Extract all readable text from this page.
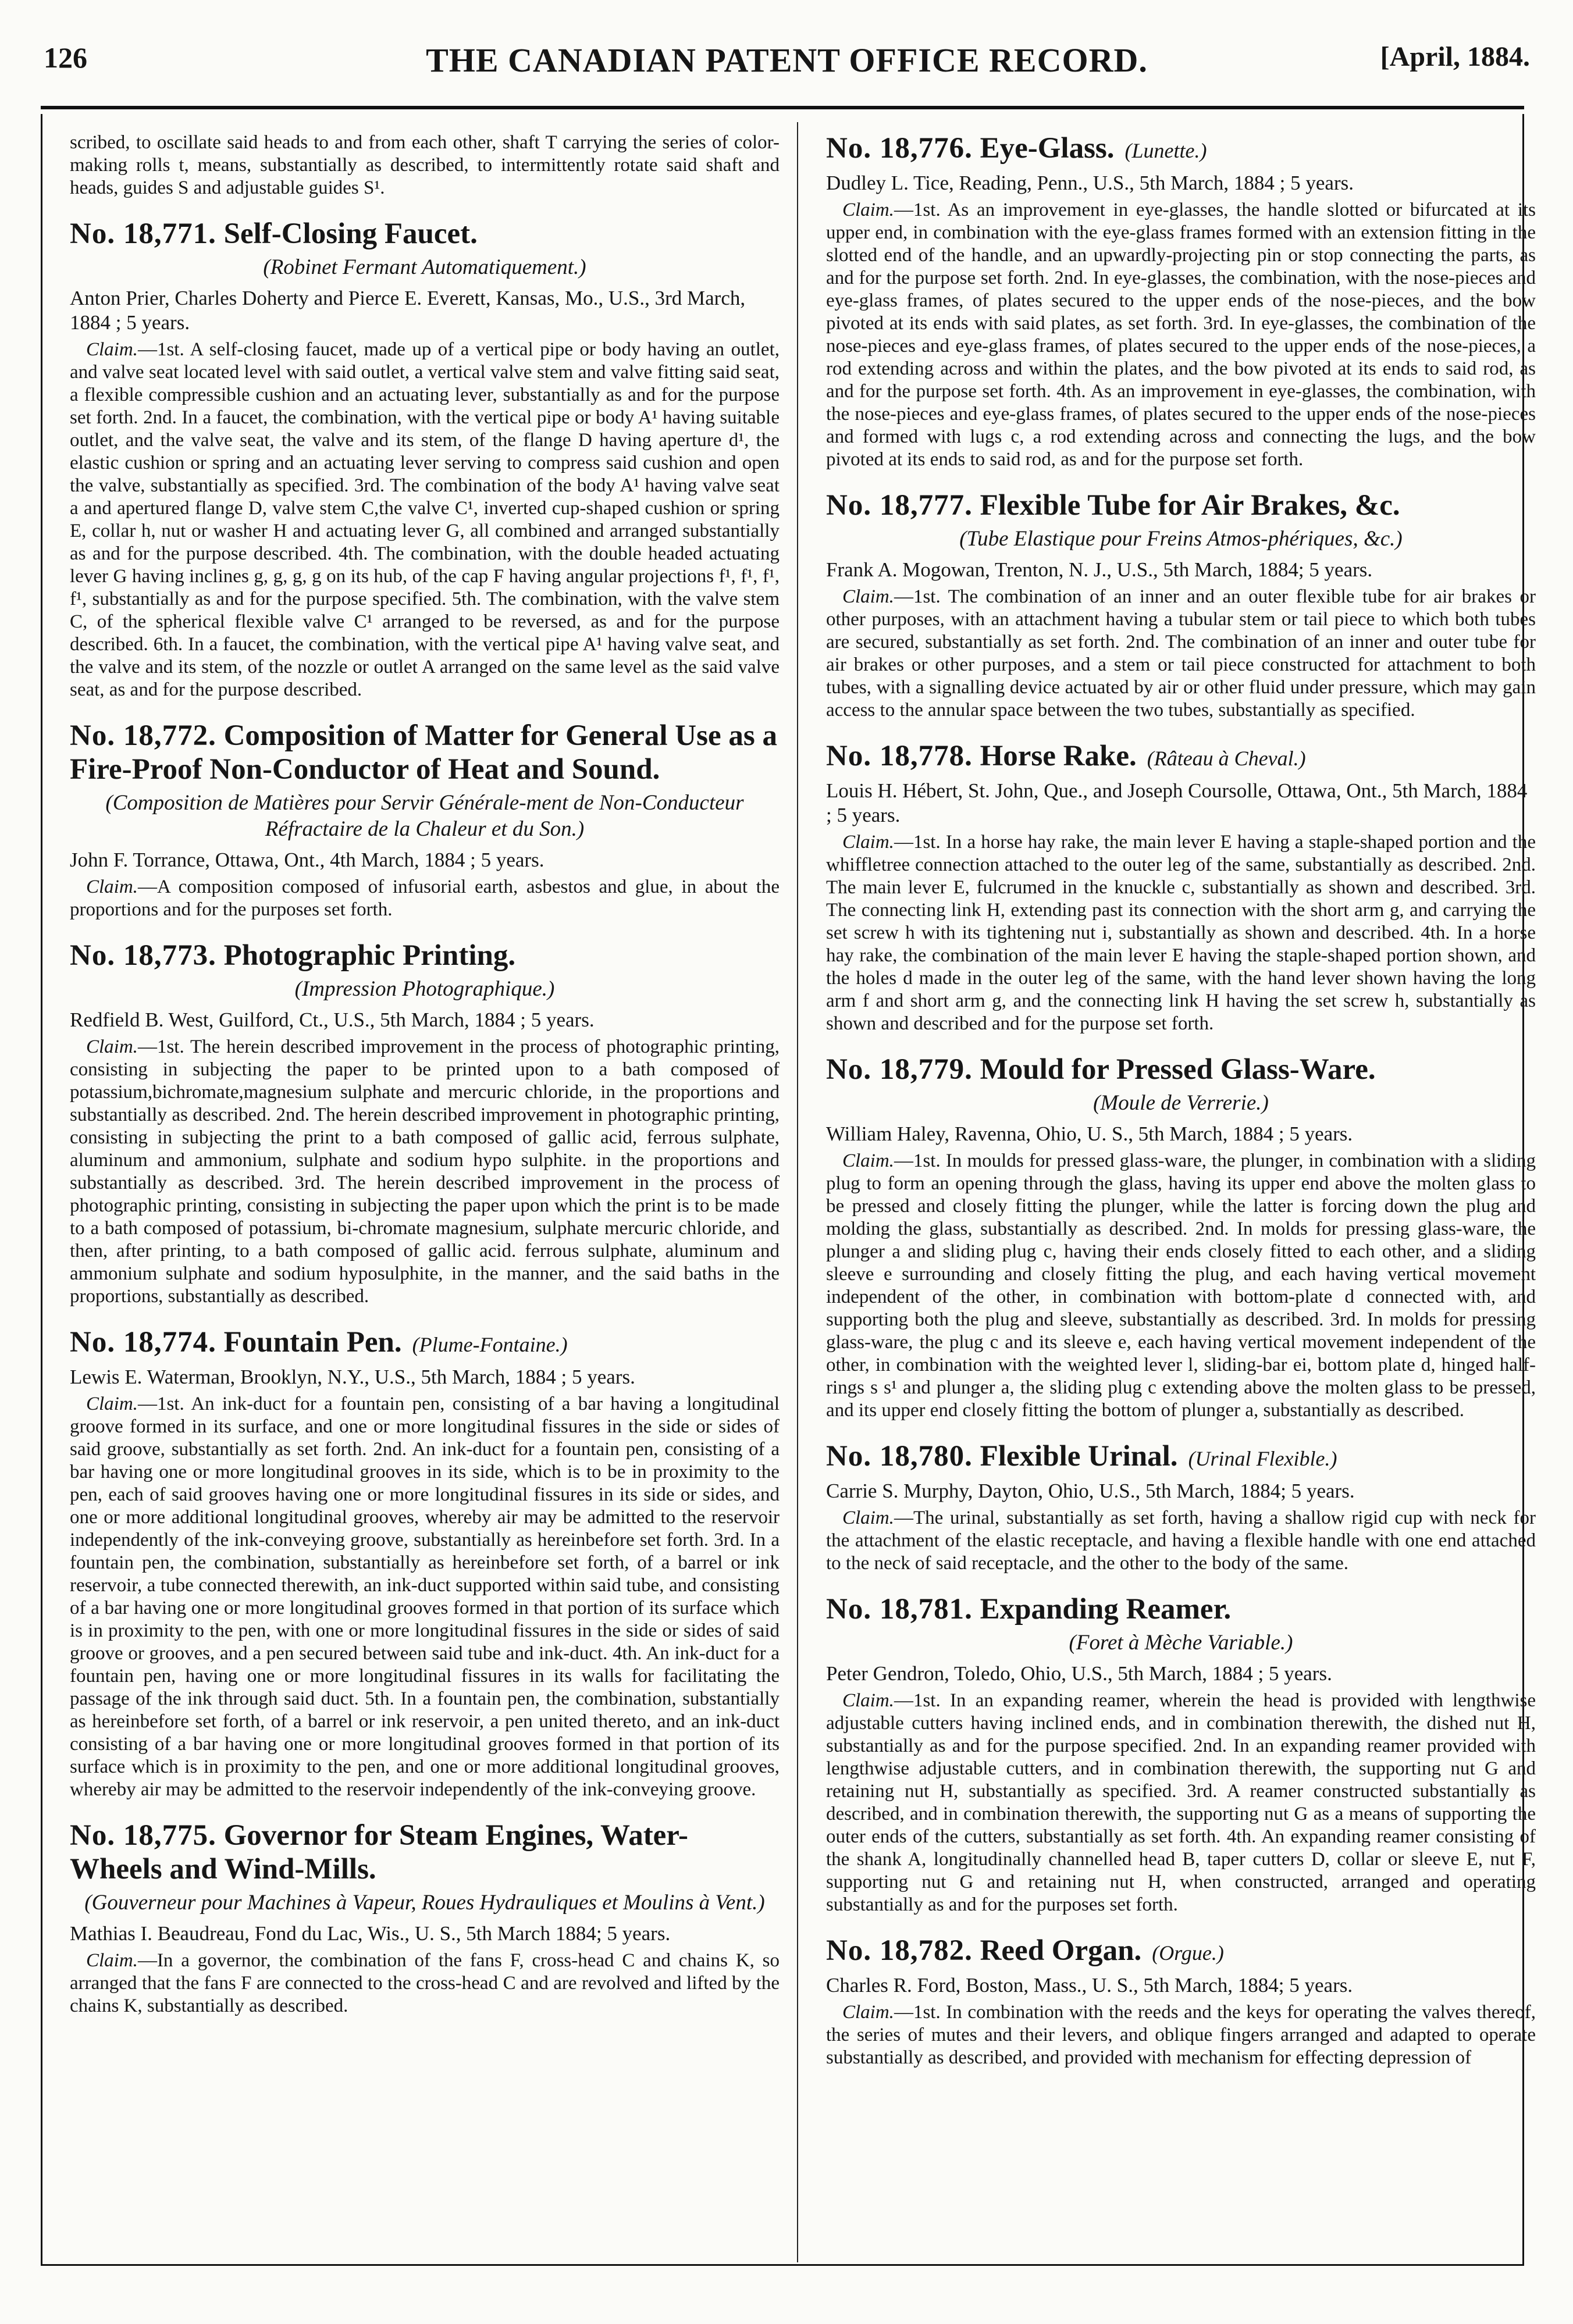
126	THE CANADIAN PATENT OFFICE RECORD.	[April, 1884.
scribed, to oscillate said heads to and from each other, shaft T carrying the series of color-making rolls t, means, substantially as described, to intermittently rotate said shaft and heads, guides S and adjustable guides S¹.
No. 18,771. Self-Closing Faucet.
(Robinet Fermant Automatiquement.)
Anton Prier, Charles Doherty and Pierce E. Everett, Kansas, Mo., U.S., 3rd March, 1884 ; 5 years.
Claim.—1st. A self-closing faucet, made up of a vertical pipe or body having an outlet, and valve seat located level with said outlet, a vertical valve stem and valve fitting said seat, a flexible compressible cushion and an actuating lever, substantially as and for the purpose set forth. 2nd. In a faucet, the combination, with the vertical pipe or body A¹ having suitable outlet, and the valve seat, the valve and its stem, of the flange D having aperture d¹, the elastic cushion or spring and an actuating lever serving to compress said cushion and open the valve, substantially as specified. 3rd. The combination of the body A¹ having valve seat a and apertured flange D, valve stem C,the valve C¹, inverted cup-shaped cushion or spring E, collar h, nut or washer H and actuating lever G, all combined and arranged substantially as and for the purpose described. 4th. The combination, with the double headed actuating lever G having inclines g, g, g, g on its hub, of the cap F having angular projections f¹, f¹, f¹, f¹, substantially as and for the purpose specified. 5th. The combination, with the valve stem C, of the spherical flexible valve C¹ arranged to be reversed, as and for the purpose described. 6th. In a faucet, the combination, with the vertical pipe A¹ having valve seat, and the valve and its stem, of the nozzle or outlet A arranged on the same level as the said valve seat, as and for the purpose described.
No. 18,772. Composition of Matter for General Use as a Fire-Proof Non-Conductor of Heat and Sound.
(Composition de Matières pour Servir Générale-ment de Non-Conducteur Réfractaire de la Chaleur et du Son.)
John F. Torrance, Ottawa, Ont., 4th March, 1884 ; 5 years.
Claim.—A composition composed of infusorial earth, asbestos and glue, in about the proportions and for the purposes set forth.
No. 18,773. Photographic Printing.
(Impression Photographique.)
Redfield B. West, Guilford, Ct., U.S., 5th March, 1884 ; 5 years.
Claim.—1st. The herein described improvement in the process of photographic printing, consisting in subjecting the paper to be printed upon to a bath composed of potassium,bichromate,magnesium sulphate and mercuric chloride, in the proportions and substantially as described. 2nd. The herein described improvement in photographic printing, consisting in subjecting the print to a bath composed of gallic acid, ferrous sulphate, aluminum and ammonium, sulphate and sodium hypo sulphite. in the proportions and substantially as described. 3rd. The herein described improvement in the process of photographic printing, consisting in subjecting the paper upon which the print is to be made to a bath composed of potassium, bi-chromate magnesium, sulphate mercuric chloride, and then, after printing, to a bath composed of gallic acid. ferrous sulphate, aluminum and ammonium sulphate and sodium hyposulphite, in the manner, and the said baths in the proportions, substantially as described.
No. 18,774. Fountain Pen. (Plume-Fontaine.)
Lewis E. Waterman, Brooklyn, N.Y., U.S., 5th March, 1884 ; 5 years.
Claim.—1st. An ink-duct for a fountain pen, consisting of a bar having a longitudinal groove formed in its surface, and one or more longitudinal fissures in the side or sides of said groove, substantially as set forth. 2nd. An ink-duct for a fountain pen, consisting of a bar having one or more longitudinal grooves in its side, which is to be in proximity to the pen, each of said grooves having one or more longitudinal fissures in its side or sides, and one or more additional longitudinal grooves, whereby air may be admitted to the reservoir independently of the ink-conveying groove, substantially as hereinbefore set forth. 3rd. In a fountain pen, the combination, substantially as hereinbefore set forth, of a barrel or ink reservoir, a tube connected therewith, an ink-duct supported within said tube, and consisting of a bar having one or more longitudinal grooves formed in that portion of its surface which is in proximity to the pen, with one or more longitudinal fissures in the side or sides of said groove or grooves, and a pen secured between said tube and ink-duct. 4th. An ink-duct for a fountain pen, having one or more longitudinal fissures in its walls for facilitating the passage of the ink through said duct. 5th. In a fountain pen, the combination, substantially as hereinbefore set forth, of a barrel or ink reservoir, a pen united thereto, and an ink-duct consisting of a bar having one or more longitudinal grooves formed in that portion of its surface which is in proximity to the pen, and one or more additional longitudinal grooves, whereby air may be admitted to the reservoir independently of the ink-conveying groove.
No. 18,775. Governor for Steam Engines, Water-Wheels and Wind-Mills.
(Gouverneur pour Machines à Vapeur, Roues Hydrauliques et Moulins à Vent.)
Mathias I. Beaudreau, Fond du Lac, Wis., U. S., 5th March 1884; 5 years.
Claim.—In a governor, the combination of the fans F, cross-head C and chains K, so arranged that the fans F are connected to the cross-head C and are revolved and lifted by the chains K, substantially as described.
No. 18,776. Eye-Glass. (Lunette.)
Dudley L. Tice, Reading, Penn., U.S., 5th March, 1884 ; 5 years.
Claim.—1st. As an improvement in eye-glasses, the handle slotted or bifurcated at its upper end, in combination with the eye-glass frames formed with an extension fitting in the slotted end of the handle, and an upwardly-projecting pin or stop connecting the parts, as and for the purpose set forth. 2nd. In eye-glasses, the combination, with the nose-pieces and eye-glass frames, of plates secured to the upper ends of the nose-pieces, and the bow pivoted at its ends with said plates, as set forth. 3rd. In eye-glasses, the combination of the nose-pieces and eye-glass frames, of plates secured to the upper ends of the nose-pieces, a rod extending across and within the plates, and the bow pivoted at its ends to said rod, as and for the purpose set forth. 4th. As an improvement in eye-glasses, the combination, with the nose-pieces and eye-glass frames, of plates secured to the upper ends of the nose-pieces and formed with lugs c, a rod extending across and connecting the lugs, and the bow pivoted at its ends to said rod, as and for the purpose set forth.
No. 18,777. Flexible Tube for Air Brakes, &c.
(Tube Elastique pour Freins Atmos-phériques, &c.)
Frank A. Mogowan, Trenton, N. J., U.S., 5th March, 1884; 5 years.
Claim.—1st. The combination of an inner and an outer flexible tube for air brakes or other purposes, with an attachment having a tubular stem or tail piece to which both tubes are secured, substantially as set forth. 2nd. The combination of an inner and outer tube for air brakes or other purposes, and a stem or tail piece constructed for attachment to both tubes, with a signalling device actuated by air or other fluid under pressure, which may gain access to the annular space between the two tubes, substantially as specified.
No. 18,778. Horse Rake. (Râteau à Cheval.)
Louis H. Hébert, St. John, Que., and Joseph Coursolle, Ottawa, Ont., 5th March, 1884 ; 5 years.
Claim.—1st. In a horse hay rake, the main lever E having a staple-shaped portion and the whiffletree connection attached to the outer leg of the same, substantially as described. 2nd. The main lever E, fulcrumed in the knuckle c, substantially as shown and described. 3rd. The connecting link H, extending past its connection with the short arm g, and carrying the set screw h with its tightening nut i, substantially as shown and described. 4th. In a horse hay rake, the combination of the main lever E having the staple-shaped portion shown, and the holes d made in the outer leg of the same, with the hand lever shown having the long arm f and short arm g, and the connecting link H having the set screw h, substantially as shown and described and for the purpose set forth.
No. 18,779. Mould for Pressed Glass-Ware.
(Moule de Verrerie.)
William Haley, Ravenna, Ohio, U. S., 5th March, 1884 ; 5 years.
Claim.—1st. In moulds for pressed glass-ware, the plunger, in combination with a sliding plug to form an opening through the glass, having its upper end above the molten glass to be pressed and closely fitting the plunger, while the latter is forcing down the plug and molding the glass, substantially as described. 2nd. In molds for pressing glass-ware, the plunger a and sliding plug c, having their ends closely fitted to each other, and a sliding sleeve e surrounding and closely fitting the plug, and each having vertical movement independent of the other, in combination with bottom-plate d connected with, and supporting both the plug and sleeve, substantially as described. 3rd. In molds for pressing glass-ware, the plug c and its sleeve e, each having vertical movement independent of the other, in combination with the weighted lever l, sliding-bar ei, bottom plate d, hinged half-rings s s¹ and plunger a, the sliding plug c extending above the molten glass to be pressed, and its upper end closely fitting the bottom of plunger a, substantially as described.
No. 18,780. Flexible Urinal. (Urinal Flexible.)
Carrie S. Murphy, Dayton, Ohio, U.S., 5th March, 1884; 5 years.
Claim.—The urinal, substantially as set forth, having a shallow rigid cup with neck for the attachment of the elastic receptacle, and having a flexible handle with one end attached to the neck of said receptacle, and the other to the body of the same.
No. 18,781. Expanding Reamer.
(Foret à Mèche Variable.)
Peter Gendron, Toledo, Ohio, U.S., 5th March, 1884 ; 5 years.
Claim.—1st. In an expanding reamer, wherein the head is provided with lengthwise adjustable cutters having inclined ends, and in combination therewith, the dished nut H, substantially as and for the purpose specified. 2nd. In an expanding reamer provided with lengthwise adjustable cutters, and in combination therewith, the supporting nut G and retaining nut H, substantially as specified. 3rd. A reamer constructed substantially as described, and in combination therewith, the supporting nut G as a means of supporting the outer ends of the cutters, substantially as set forth. 4th. An expanding reamer consisting of the shank A, longitudinally channelled head B, taper cutters D, collar or sleeve E, nut F, supporting nut G and retaining nut H, when constructed, arranged and operating substantially as and for the purposes set forth.
No. 18,782. Reed Organ. (Orgue.)
Charles R. Ford, Boston, Mass., U. S., 5th March, 1884; 5 years.
Claim.—1st. In combination with the reeds and the keys for operating the valves thereof, the series of mutes and their levers, and oblique fingers arranged and adapted to operate substantially as described, and provided with mechanism for effecting depression of
